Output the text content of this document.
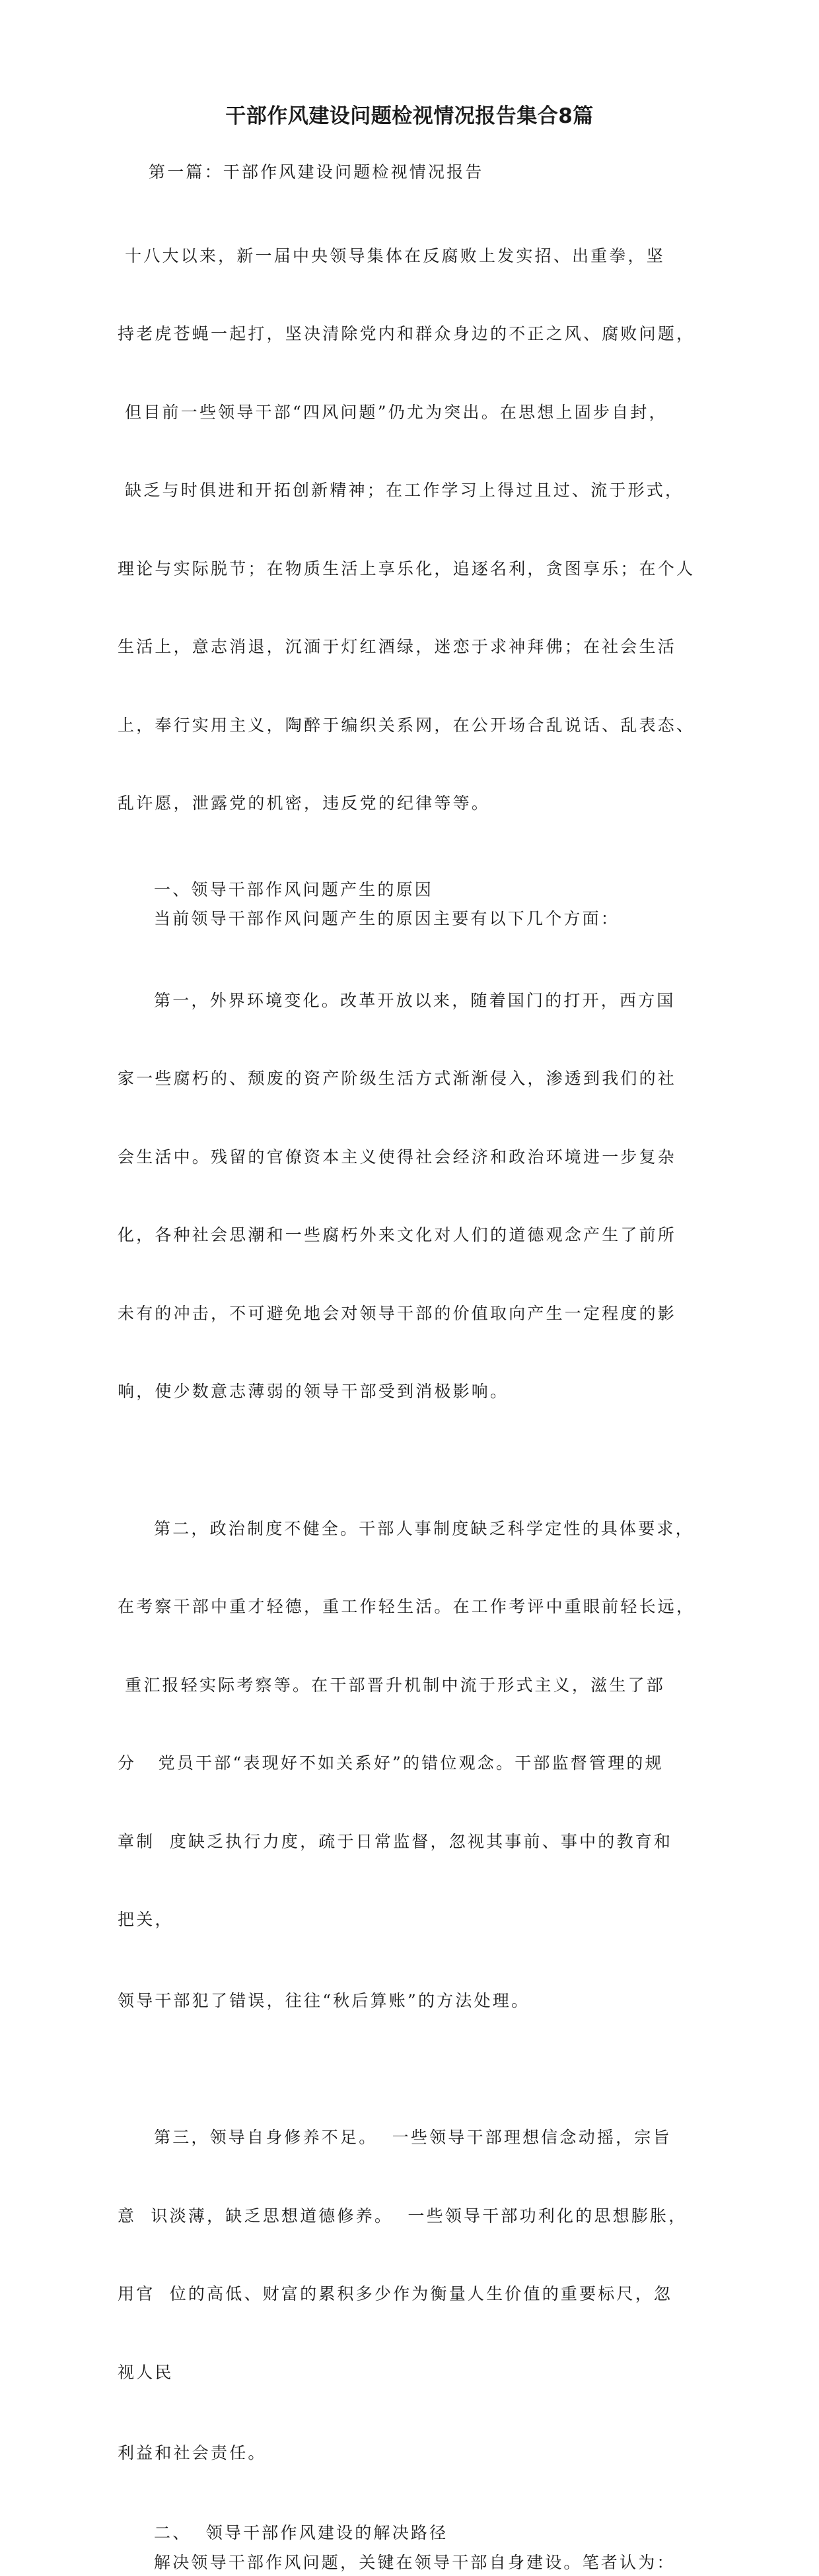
干部作风建设问题检视情况报告集合8篇

第一篇：干部作风建设问题检视情况报告

十八大以来，新一届中央领导集体在反腐败上发实招、出重拳，坚

持老虎苍蝇一起打，坚决清除党内和群众身边的不正之风、腐败问题，

但目前一些领导干部“四风问题”仍尤为突出。在思想上固步自封，

缺乏与时俱进和开拓创新精神；在工作学习上得过且过、流于形式，

理论与实际脱节；在物质生活上享乐化，追逐名利，贪图享乐；在个人

生活上，意志消退，沉湎于灯红酒绿，迷恋于求神拜佛；在社会生活

上，奉行实用主义，陶醉于编织关系网，在公开场合乱说话、乱表态、

乱许愿，泄露党的机密，违反党的纪律等等。

一、领导干部作风问题产生的原因

当前领导干部作风问题产生的原因主要有以下几个方面：

第一，外界环境变化。改革开放以来，随着国门的打开，西方国

家一些腐朽的、颓废的资产阶级生活方式渐渐侵入，渗透到我们的社

会生活中。残留的官僚资本主义使得社会经济和政治环境进一步复杂

化，各种社会思潮和一些腐朽外来文化对人们的道德观念产生了前所

未有的冲击，不可避免地会对领导干部的价值取向产生一定程度的影

响，使少数意志薄弱的领导干部受到消极影响。

第二，政治制度不健全。干部人事制度缺乏科学定性的具体要求，

在考察干部中重才轻德，重工作轻生活。在工作考评中重眼前轻长远，

重汇报轻实际考察等。在干部晋升机制中流于形式主义，滋生了部

分   党员干部“表现好不如关系好”的错位观念。干部监督管理的规

章制  度缺乏执行力度，疏于日常监督，忽视其事前、事中的教育和

把关，

领导干部犯了错误，往往“秋后算账”的方法处理。

第三，领导自身修养不足。  一些领导干部理想信念动摇，宗旨

意  识淡薄，缺乏思想道德修养。  一些领导干部功利化的思想膨胀，

用官  位的高低、财富的累积多少作为衡量人生价值的重要标尺，忽

视人民

利益和社会责任。

二、  领导干部作风建设的解决路径

解决领导干部作风问题，关键在领导干部自身建设。笔者认为：
